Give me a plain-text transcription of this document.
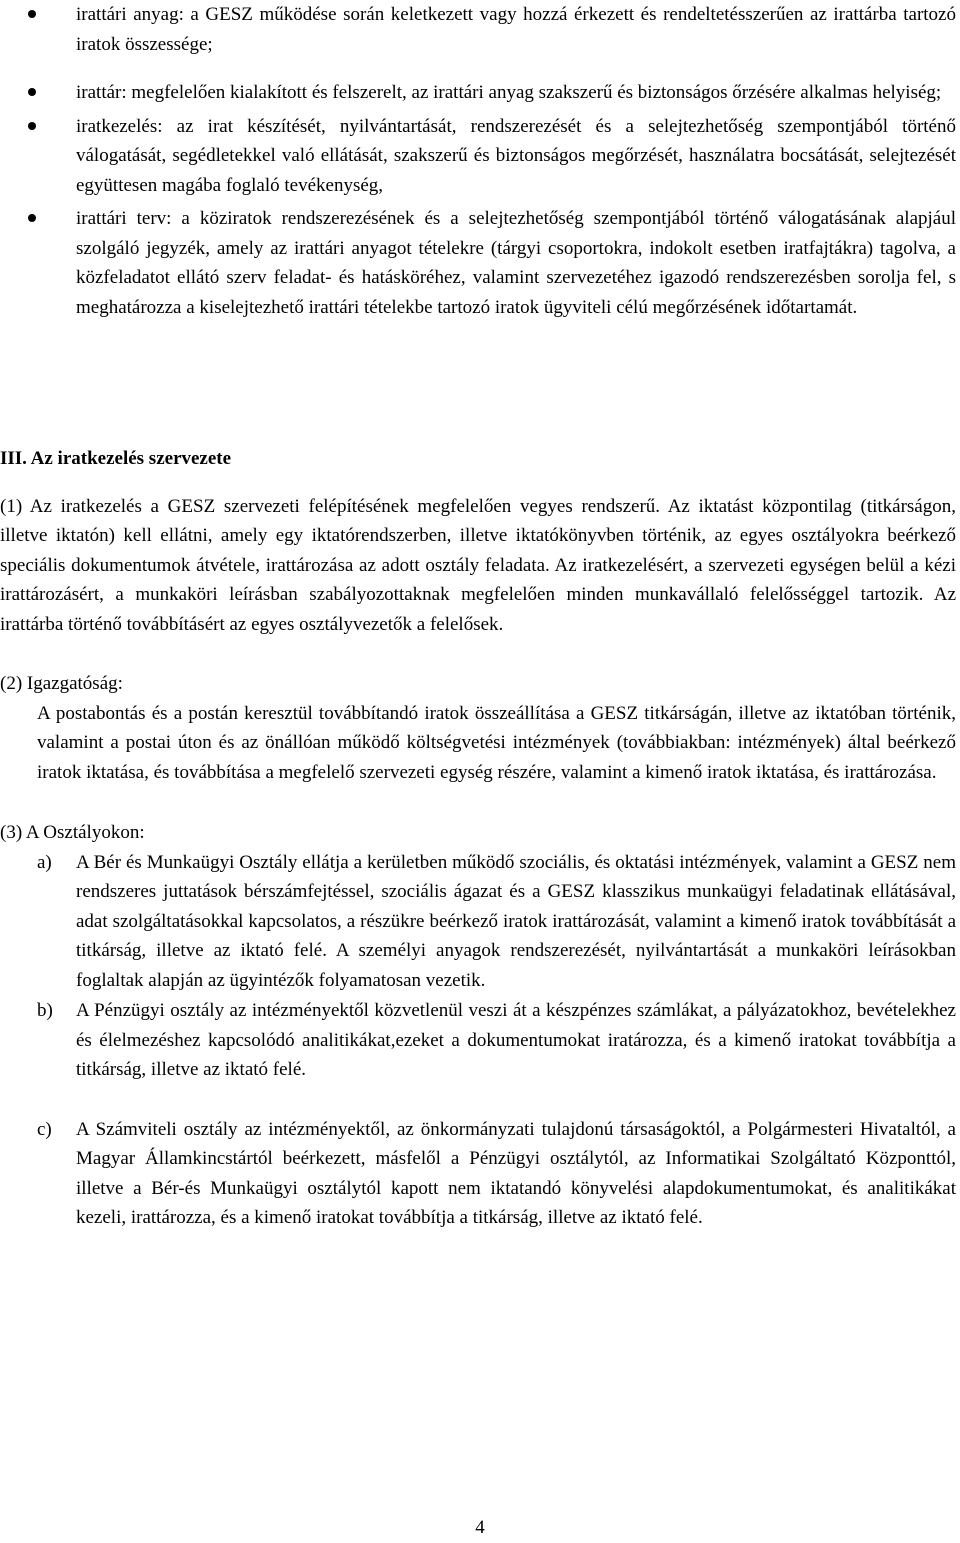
irattári anyag: a GESZ működése során keletkezett vagy hozzá érkezett és rendeltetésszerűen az irattárba tartozó iratok összessége;
irattár: megfelelően kialakított és felszerelt, az irattári anyag szakszerű és biztonságos őrzésére alkalmas helyiség;
iratkezelés: az irat készítését, nyilvántartását, rendszerezését és a selejtezhetőség szempontjából történő válogatását, segédletekkel való ellátását, szakszerű és biztonságos megőrzését, használatra bocsátását, selejtezését együttesen magába foglaló tevékenység,
irattári terv: a köziratok rendszerezésének és a selejtezhetőség szempontjából történő válogatásának alapjául szolgáló jegyzék, amely az irattári anyagot tételekre (tárgyi csoportokra, indokolt esetben iratfajtákra) tagolva, a közfeladatot ellátó szerv feladat- és hatásköréhez, valamint szervezetéhez igazodó rendszerezésben sorolja fel, s meghatározza a kiselejtezhető irattári tételekbe tartozó iratok ügyviteli célú megőrzésének időtartamát.

III. Az iratkezelés szervezete

(1) Az iratkezelés a GESZ szervezeti felépítésének megfelelően vegyes rendszerű. Az iktatást központilag (titkárságon, illetve iktatón) kell ellátni, amely egy iktatórendszerben, illetve iktatókönyvben történik, az egyes osztályokra beérkező speciális dokumentumok átvétele, irattározása az adott osztály feladata. Az iratkezelésért, a szervezeti egységen belül a kézi irattározásért, a munkaköri leírásban szabályozottaknak megfelelően minden munkavállaló felelősséggel tartozik. Az irattárba történő továbbításért az egyes osztályvezetők a felelősek.

(2) Igazgatóság:

A postabontás és a postán keresztül továbbítandó iratok összeállítása a GESZ titkárságán, illetve az iktatóban történik, valamint a postai úton és az önállóan működő költségvetési intézmények (továbbiakban: intézmények) által beérkező iratok iktatása, és továbbítása a megfelelő szervezeti egység részére, valamint a kimenő iratok iktatása, és irattározása.

(3) A Osztályokon:

a) A Bér és Munkaügyi Osztály ellátja a kerületben működő szociális, és oktatási intézmények, valamint a GESZ nem rendszeres juttatások bérszámfejtéssel, szociális ágazat és a GESZ klasszikus munkaügyi feladatinak ellátásával, adat szolgáltatásokkal kapcsolatos, a részükre beérkező iratok irattározását, valamint a kimenő iratok továbbítását a titkárság, illetve az iktató felé. A személyi anyagok rendszerezését, nyilvántartását a munkaköri leírásokban foglaltak alapján az ügyintézők folyamatosan vezetik.
b) A Pénzügyi osztály az intézményektől közvetlenül veszi át a készpénzes számlákat, a pályázatokhoz, bevételekhez és élelmezéshez kapcsolódó analitikákat,ezeket a dokumentumokat iratározza, és a kimenő iratokat továbbítja a titkárság, illetve az iktató felé.
c) A Számviteli osztály az intézményektől, az önkormányzati tulajdonú társaságoktól, a Polgármesteri Hivataltól, a Magyar Államkincstártól beérkezett, másfelől a Pénzügyi osztálytól, az Informatikai Szolgáltató Központtól, illetve a Bér-és Munkaügyi osztálytól kapott nem iktatandó könyvelési alapdokumentumokat, és analitikákat kezeli, irattározza, és a kimenő iratokat továbbítja a titkárság, illetve az iktató felé.
4
